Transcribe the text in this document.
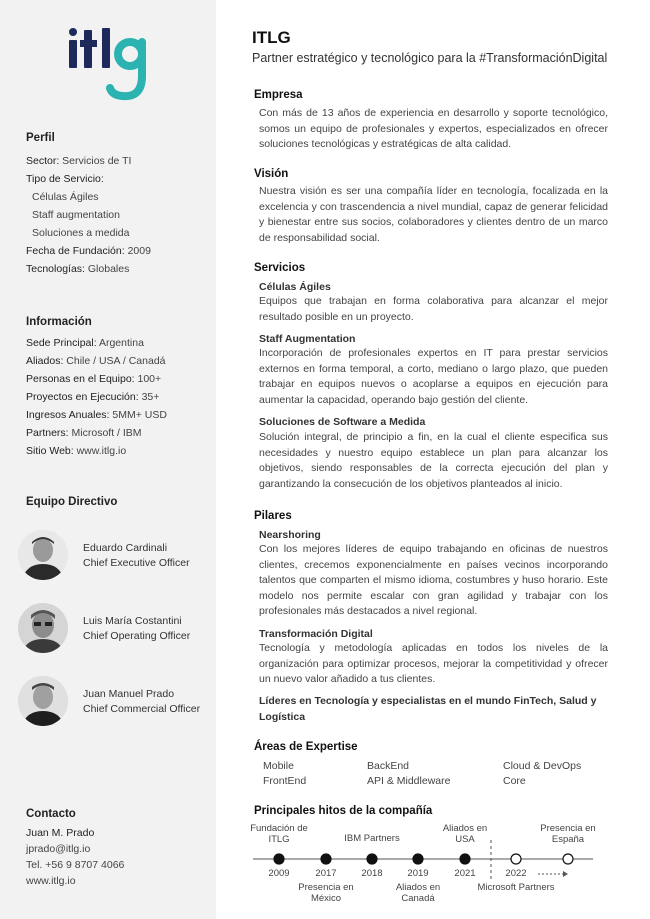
Perfil
Sector: Servicios de TI
Tipo de Servicio:
Células Ágiles
Staff augmentation
Soluciones a medida
Fecha de Fundación: 2009
Tecnologías: Globales
Información
Sede Principal: Argentina
Aliados: Chile / USA / Canadá
Personas en el Equipo: 100+
Proyectos en Ejecución: 35+
Ingresos Anuales: 5MM+ USD
Partners: Microsoft / IBM
Sitio Web: www.itlg.io
Equipo Directivo
Eduardo Cardinali
Chief Executive Officer
Luis María Costantini
Chief Operating Officer
Juan Manuel Prado
Chief Commercial Officer
Contacto
Juan M. Prado
jprado@itlg.io
Tel. +56 9 8707 4066
www.itlg.io
ITLG
Partner estratégico y tecnológico para la #TransformaciónDigital
Empresa
Con más de 13 años de experiencia en desarrollo y soporte tecnológico, somos un equipo de profesionales y expertos, especializados en ofrecer soluciones tecnológicas y estratégicas de alta calidad.
Visión
Nuestra visión es ser una compañía líder en tecnología, focalizada en la excelencia y con trascendencia a nivel mundial, capaz de generar felicidad y bienestar entre sus socios, colaboradores y clientes dentro de un marco de responsabilidad social.
Servicios
Células Ágiles
Equipos que trabajan en forma colaborativa para alcanzar el mejor resultado posible en un proyecto.
Staff Augmentation
Incorporación de profesionales expertos en IT para prestar servicios externos en forma temporal, a corto, mediano o largo plazo, que pueden trabajar en equipos nuevos o acoplarse a equipos en ejecución para aumentar la capacidad, operando bajo gestión del cliente.
Soluciones de Software a Medida
Solución integral, de principio a fin, en la cual el cliente especifica sus necesidades y nuestro equipo establece un plan para alcanzar los objetivos, siendo responsables de la correcta ejecución del plan y garantizando la consecución de los objetivos planteados al inicio.
Pilares
Nearshoring
Con los mejores líderes de equipo trabajando en oficinas de nuestros clientes, crecemos exponencialmente en países vecinos incorporando talentos que comparten el mismo idioma, costumbres y huso horario. Este modelo nos permite escalar con gran agilidad y trabajar con los profesionales más destacados a nivel regional.
Transformación Digital
Tecnología y metodología aplicadas en todos los niveles de la organización para optimizar procesos, mejorar la competitividad y ofrecer un nuevo valor añadido a tus clientes.
Líderes en Tecnología y especialistas en el mundo FinTech, Salud y Logística
Áreas de Expertise
Mobile	BackEnd	Cloud & DevOps
FrontEnd	API & Middleware	Core
Principales hitos de la compañía
2009
Fundación de
ITLG
2017
Presencia en
México
2018
IBM Partners
2019
Aliados en
Canadá
2021
Aliados en
USA
2022
Microsoft Partners
Presencia en
España
